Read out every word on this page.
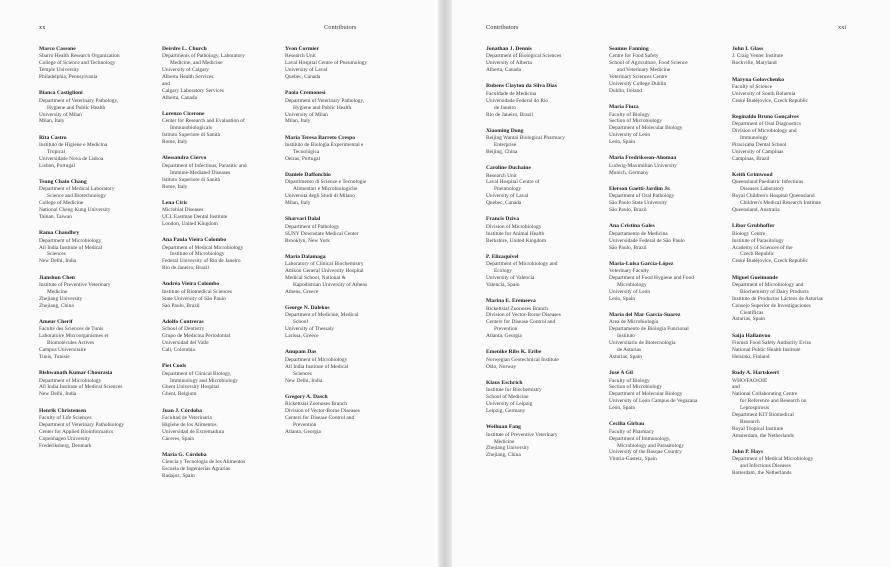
xx	Contributors
Marco Cassone
Sbarro Health Research Organization
College of Science and Technology
Temple University
Philadelphia, Pennsylvania
Bianca Castiglioni
Department of Veterinary Pathology,
Hygiene and Public Health
University of Milan
Milan, Italy
Rita Castro
Instituto de Higiene e Medicina
Tropical
Universidade Nova de Lisboa
Lisbon, Portugal
Tsung Chain Chang
Department of Medical Laboratory
Science and Biotechnology
College of Medicine
National Cheng Kung University
Tainan, Taiwan
Rama Chaudhry
Department of Microbiology
All India Institute of Medical
Sciences
New Delhi, India
Jianshun Chen
Institute of Preventive Veterinary
Medicine
Zhejiang University
Zhejiang, China
Ameur Cherif
Faculté des Sciences de Tunis
Laboratoire Microorganismes et
Biomolécules Actives
Campus Universitaire
Tunis, Tunisie
Bishwanath Kumar Chourasia
Department of Microbiology
All India Institute of Medical Sciences
New Delhi, India
Henrik Christensen
Faculty of Life Sciences
Department of Veterinary Pathobiology
Center for Applied Bioinformatics
Copenhagen University
Frederiksberg, Denmark
Deirdre L. Church
Departments of Pathology, Laboratory
Medicine, and Medicine
University of Calgary
Alberta Health Services
and
Calgary Laboratory Services
Alberta, Canada
Lorenzo Cicerone
Center for Research and Evaluation of
Immunobiologicals
Istituto Superiore di Sanità
Rome, Italy
Alessandra Ciervo
Department of Infectious, Parasitic and
Immune-Mediated Diseases
Istituto Superiore di Sanità
Rome, Italy
Lena Ciric
Microbial Diseases
UCL Eastman Dental Institute
London, United Kingdom
Ana Paula Vieira Colombo
Department of Medical Microbiology
Institute of Microbiology
Federal University of Rio de Janeiro
Rio de Janeiro, Brazil
Andréa Vieira Colombo
Institute of Biomedical Sciences
State University of São Paulo
Sao Paulo, Brazil
Adolfo Contreras
School of Dentistry
Grupo de Medicina Periodontal
Universidad del Valle
Cali, Colombia
Piet Cools
Department of Clinical Biology,
Immunology and Microbiology
Ghent University Hospital
Ghent, Belgium
Juan J. Córdoba
Facultad de Veterinaria
Higiene de los Alimentos
Universidad de Extremadura
Cáceres, Spain
María G. Córdoba
Ciencia y Tecnología de los Alimentos
Escuela de Ingenierías Agrarias
Badajoz, Spain
Yvon Cormier
Research Unit
Laval Hospital Centre of Pneumology
University of Laval
Quebec, Canada
Paola Cremonesi
Department of Veterinary Pathology,
Hygiene and Public Health
University of Milan
Milan, Italy
Maria Teresa Barreto Crespo
Instituto de Biologia Experimental e
Tecnológica
Oeiras, Portugal
Daniele Daffonchio
Dipartimento di Scienze e Tecnologie
Alimentari e Microbiologiche
Università degli Studi di Milano
Milan, Italy
Sharvari Dalal
Department of Pathology
SUNY Downstate Medical Center
Brooklyn, New York
Maria Dalamaga
Laboratory of Clinical Biochemistry
Attikon General University Hospital
Medical School, National &
Kapodistrian University of Athens
Athens, Greece
George N. Dalekos
Department of Medicine, Medical
School
University of Thessaly
Larissa, Greece
Anupam Das
Department of Microbiology
All India Institute of Medical
Sciences
New Delhi, India
Gregory A. Dasch
Rickettsial Zoonoses Branch
Division of Vector-Borne Diseases
Centers for Disease Control and
Prevention
Atlanta, Georgia
Contributors	xxi
Jonathan J. Dennis
Department of Biological Sciences
University of Alberta
Alberta, Canada
Rubens Clayton da Silva Dias
Faculdade de Medicina
Universidade Federal do Rio
de Janeiro
Rio de Janeiro, Brazil
Xiaoming Dong
Beijing Wantai Biological Pharmacy
Enterprise
Beijing, China
Caroline Duchaine
Research Unit
Laval Hospital Centre of
Pneumology
University of Laval
Quebec, Canada
Francis Dziva
Division of Microbiology
Institute for Animal Health
Berkshire, United Kingdom
P. Elizaquível
Department of Microbiology and
Ecology
University of Valencia
Valencia, Spain
Marina E. Eremeeva
Rickettsial Zoonoses Branch
Division of Vector-Borne Diseases
Centers for Disease Control and
Prevention
Atlanta, Georgia
Emenike Ribs K. Eribe
Norwegian Geotechnical Institute
Oslo, Norway
Klaus Eschrich
Institute for Biochemistry
School of Medicine
University of Leipzig
Leipzig, Germany
Weihuan Fang
Institute of Preventive Veterinary
Medicine
Zhejiang University
Zhejiang, China
Seamus Fanning
Centre for Food Safety
School of Agriculture, Food Science
and Veterinary Medicine
Veterinary Sciences Centre
University College Dublin
Dublin, Ireland
María Fiuza
Faculty of Biology
Section of Microbiology
Department of Molecular Biology
University of León
León, Spain
Maria Fredriksson-Ahomaa
Ludwig-Maximilian University
Munich, Germany
Elerson Gaetti-Jardim Jr.
Department of Oral Pathology
São Paulo State University
São Paulo, Brazil
Ana Cristina Gales
Departamento de Medicina
Universidade Federal de São Paulo
São Paulo, Brazil
María-Luisa García-López
Veterinary Faculty
Department of Food Hygiene and Food
Microbiology
University of León
León, Spain
María del Mar García-Suarez
Area de Microbiología
Departamento de Biología Funcional
Instituto
Universitario de Biotecnología
de Asturias
Asturias, Spain
José A Gil
Faculty of Biology
Section of Microbiology
Department of Molecular Biology
University of León Campus de Vegazana
León, Spain
Cecilia Girbau
Faculty of Pharmacy
Department of Immunology,
Microbiology and Parasitology
University of the Basque Country
Vitoria-Gasteiz, Spain
John I. Glass
J. Craig Venter Institute
Rockville, Maryland
Maryna Golovchenko
Faculty of Science
University of South Bohemia
České Budějovice, Czech Republic
Reginaldo Bruno Gonçalves
Department of Oral Diagnostics
Division of Microbiology and
Immunology
Piracicaba Dental School
University of Campinas
Campinas, Brazil
Keith Grimwood
Queensland Paediatric Infectious
Diseases Laboratory
Royal Children's Hospital Queensland
Children's Medical Research Institute
Queensland, Australia
Libor Grubhoffer
Biology Centre
Institute of Parasitology
Academy of Sciences of the
Czech Republic
České Budějovice, Czech Republic
Miguel Gueimonde
Department of Microbiology and
Biochemistry of Dairy Products
Instituto de Productos Lácteos de Asturias
Consejo Superior de Investigaciones
Científicas
Asturias, Spain
Saija Hallanvuo
Finnish Food Safety Authority Evira
National Public Health Institute
Helsinki, Finland
Rudy A. Hartskeerl
WHO/FAO/OIE
and
National Collaborating Centre
for Reference and Research on
Leptospirosis
Department KIT Biomedical
Research
Royal Tropical Institute
Amsterdam, the Netherlands
John P. Hays
Department of Medical Microbiology
and Infectious Diseases
Rotterdam, the Netherlands
